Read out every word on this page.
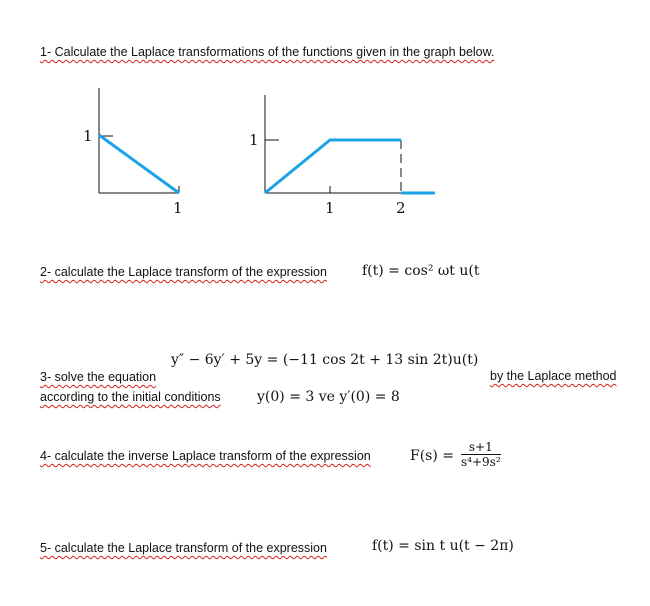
1- Calculate the Laplace transformations of the functions given in the graph below.
1
1
1
1	2
2- calculate the Laplace transform of the expression	f(t) = cos² ωt u(t
y″ − 6y′ + 5y = (−11 cos 2t + 13 sin 2t)u(t)
3- solve the equation	by the Laplace method
according to the initial conditions	y(0) = 3 ve y′(0) = 8
4- calculate the inverse Laplace transform of the expression	$F(s) = \frac{s+1}{\text{s⁴+9s²}}$
5- calculate the Laplace transform of the expression	f(t) = sin t u(t − 2π)
